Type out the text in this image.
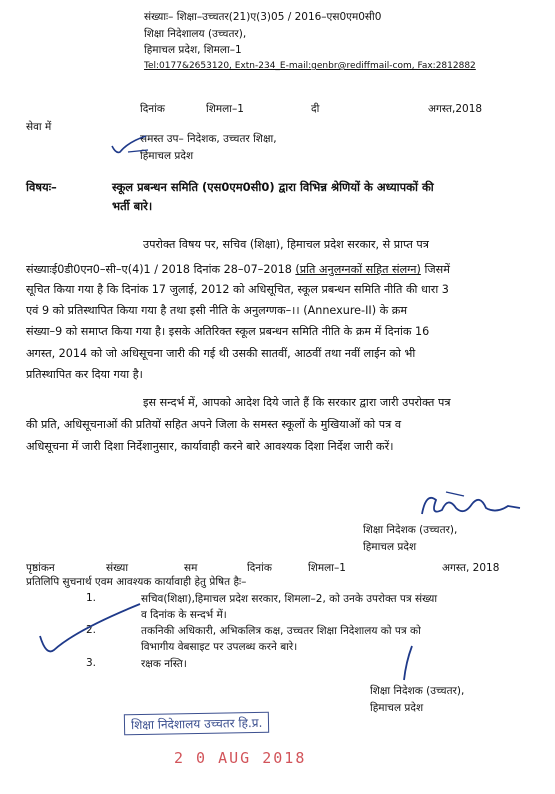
संख्याः– शिक्षा–उच्चतर(21)ए(3)05 / 2016–एस0एम0सी0
शिक्षा निदेशालय (उच्चतर),
हिमाचल प्रदेश, शिमला–1
Tel:0177&2653120, Extn-234_E-mail:genbr@rediffmail-com, Fax:2812882
दिनांक	शिमला–1	दी	अगस्त,2018
सेवा में
समस्त उप– निदेशक, उच्चतर शिक्षा,
हिमाचल प्रदेश
विषयः–	स्कूल प्रबन्धन समिति (एस0एम0सी0) द्वारा विभिन्न श्रेणियों के अध्यापकों की
भर्ती बारे।
उपरोक्त विषय पर, सचिव (शिक्षा), हिमाचल प्रदेश सरकार, से प्राप्त पत्र
संख्याःई0डी0एन0–सी–ए(4)1 / 2018 दिनांक 28–07–2018 (प्रति अनुलग्नकों सहित संलग्न) जिसमें
सूचित किया गया है कि दिनांक 17 जुलाई, 2012 को अधिसूचित, स्कूल प्रबन्धन समिति नीति की धारा 3
एवं 9 को प्रतिस्थापित किया गया है तथा इसी नीति के अनुलग्णक–।। (Annexure-II) के क्रम
संख्या–9 को समाप्त किया गया है। इसके अतिरिक्त स्कूल प्रबन्धन समिति नीति के क्रम में दिनांक 16
अगस्त, 2014 को जो अधिसूचना जारी की गई थी उसकी सातवीं, आठवीं तथा नवीं लाईन को भी
प्रतिस्थापित कर दिया गया है।
इस सन्दर्भ में, आपको आदेश दिये जाते हैं कि सरकार द्वारा जारी उपरोक्त पत्र
की प्रति, अधिसूचनाओं की प्रतियों सहित अपने जिला के समस्त स्कूलों के मुखियाओं को पत्र व
अधिसूचना में जारी दिशा निर्देशानुसार, कार्यावाही करने बारे आवश्यक दिशा निर्देश जारी करें।
शिक्षा निदेशक (उच्चतर),
हिमाचल प्रदेश
पृष्ठांकन	संख्या	सम	दिनांक	शिमला–1	अगस्त, 2018
प्रतिलिपि सुचनार्थ एवम आवश्यक कार्यावाही हेतु प्रेषित हैः–
1.	सचिव(शिक्षा),हिमाचल प्रदेश सरकार, शिमला–2, को उनके उपरोक्त पत्र संख्या
व दिनांक के सन्दर्भ में।
2.	तकनिकी अधिकारी, अभिकलित्र कक्ष, उच्चतर शिक्षा निदेशालय को पत्र को
विभागीय वेबसाइट पर उपलब्ध करने बारे।
3.	रक्षक नस्ति।
शिक्षा निदेशक (उच्चतर),
हिमाचल प्रदेश
शिक्षा निदेशालय उच्चतर हि.प्र.
2 0 AUG 2018
